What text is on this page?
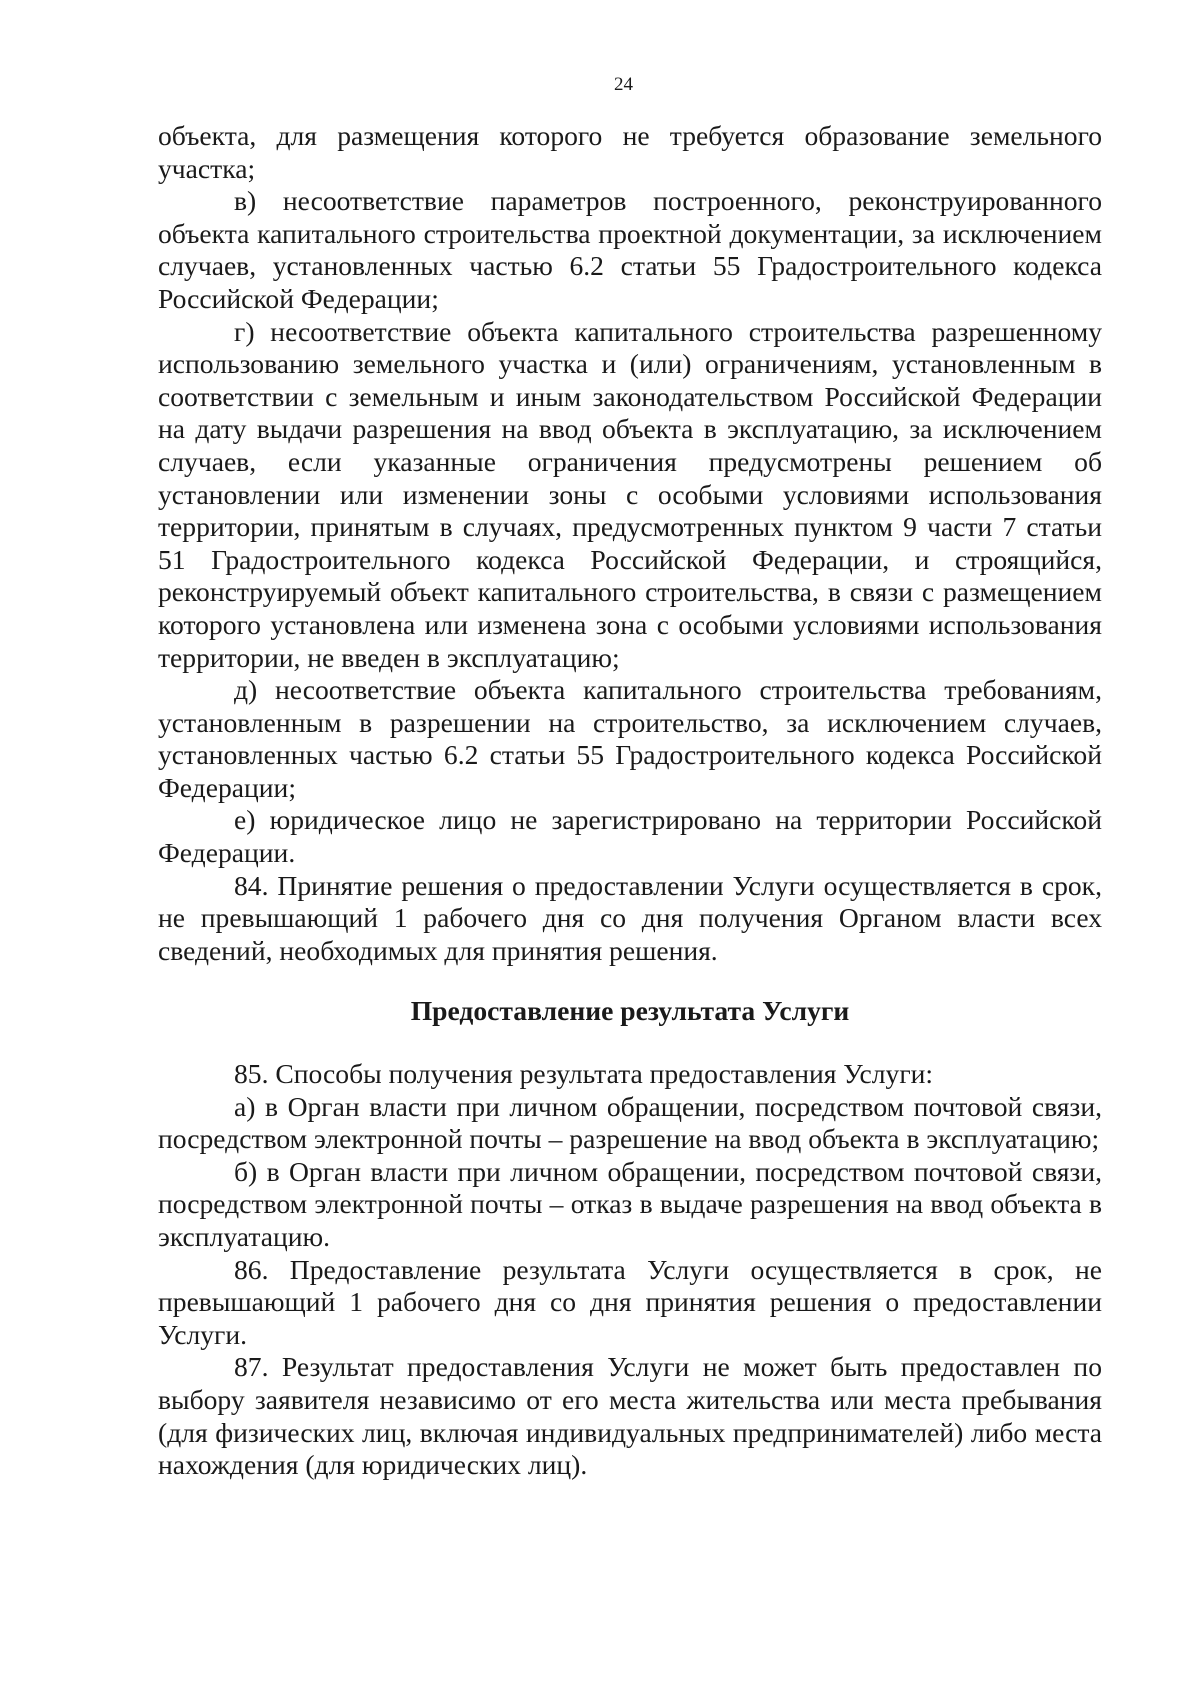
24

объекта, для размещения которого не требуется образование земельного участка;

в) несоответствие параметров построенного, реконструированного объекта капитального строительства проектной документации, за исключением случаев, установленных частью 6.2 статьи 55 Градостроительного кодекса Российской Федерации;

г) несоответствие объекта капитального строительства разрешенному использованию земельного участка и (или) ограничениям, установленным в соответствии с земельным и иным законодательством Российской Федерации на дату выдачи разрешения на ввод объекта в эксплуатацию, за исключением случаев, если указанные ограничения предусмотрены решением об установлении или изменении зоны с особыми условиями использования территории, принятым в случаях, предусмотренных пунктом 9 части 7 статьи 51 Градостроительного кодекса Российской Федерации, и строящийся, реконструируемый объект капитального строительства, в связи с размещением которого установлена или изменена зона с особыми условиями использования территории, не введен в эксплуатацию;

д) несоответствие объекта капитального строительства требованиям, установленным в разрешении на строительство, за исключением случаев, установленных частью 6.2 статьи 55 Градостроительного кодекса Российской Федерации;

е) юридическое лицо не зарегистрировано на территории Российской Федерации.

84. Принятие решения о предоставлении Услуги осуществляется в срок, не превышающий 1 рабочего дня со дня получения Органом власти всех сведений, необходимых для принятия решения.

Предоставление результата Услуги

85. Способы получения результата предоставления Услуги:

а) в Орган власти при личном обращении, посредством почтовой связи, посредством электронной почты – разрешение на ввод объекта в эксплуатацию;

б) в Орган власти при личном обращении, посредством почтовой связи, посредством электронной почты – отказ в выдаче разрешения на ввод объекта в эксплуатацию.

86. Предоставление результата Услуги осуществляется в срок, не превышающий 1 рабочего дня со дня принятия решения о предоставлении Услуги.

87. Результат предоставления Услуги не может быть предоставлен по выбору заявителя независимо от его места жительства или места пребывания (для физических лиц, включая индивидуальных предпринимателей) либо места нахождения (для юридических лиц).
